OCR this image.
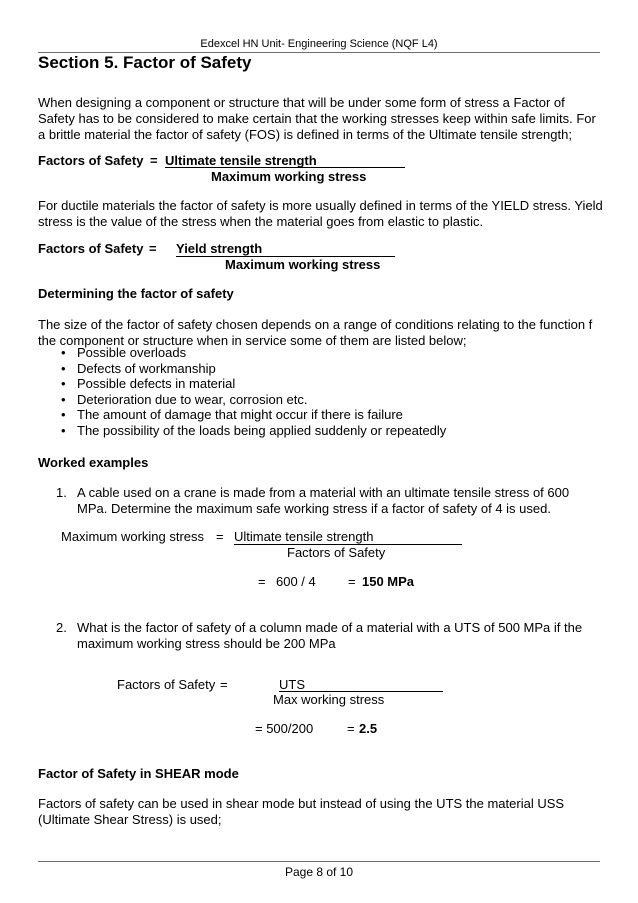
Edexcel HN Unit- Engineering Science (NQF L4)
Section 5. Factor of Safety
When designing a component or structure that will be under some form of stress a Factor of Safety has to be considered to make certain that the working stresses keep within safe limits. For a brittle material the factor of safety (FOS) is defined in terms of the Ultimate tensile strength;
Factors of Safety = Ultimate tensile strength
Maximum working stress
For ductile materials the factor of safety is more usually defined in terms of the YIELD stress. Yield stress is the value of the stress when the material goes from elastic to plastic.
Factors of Safety = Yield strength
Maximum working stress
Determining the factor of safety
The size of the factor of safety chosen depends on a range of conditions relating to the function f the component or structure when in service some of them are listed below;
• Possible overloads
• Defects of workmanship
• Possible defects in material
• Deterioration due to wear, corrosion etc.
• The amount of damage that might occur if there is failure
• The possibility of the loads being applied suddenly or repeatedly
Worked examples
1. A cable used on a crane is made from a material with an ultimate tensile stress of 600 MPa. Determine the maximum safe working stress if a factor of safety of 4 is used.
Maximum working stress = Ultimate tensile strength
Factors of Safety
= 600 / 4 = 150 MPa
2. What is the factor of safety of a column made of a material with a UTS of 500 MPa if the maximum working stress should be 200 MPa
Factors of Safety =	UTS
Max working stress
= 500/200	= 2.5
Factor of Safety in SHEAR mode
Factors of safety can be used in shear mode but instead of using the UTS the material USS (Ultimate Shear Stress) is used;
Page 8 of 10
